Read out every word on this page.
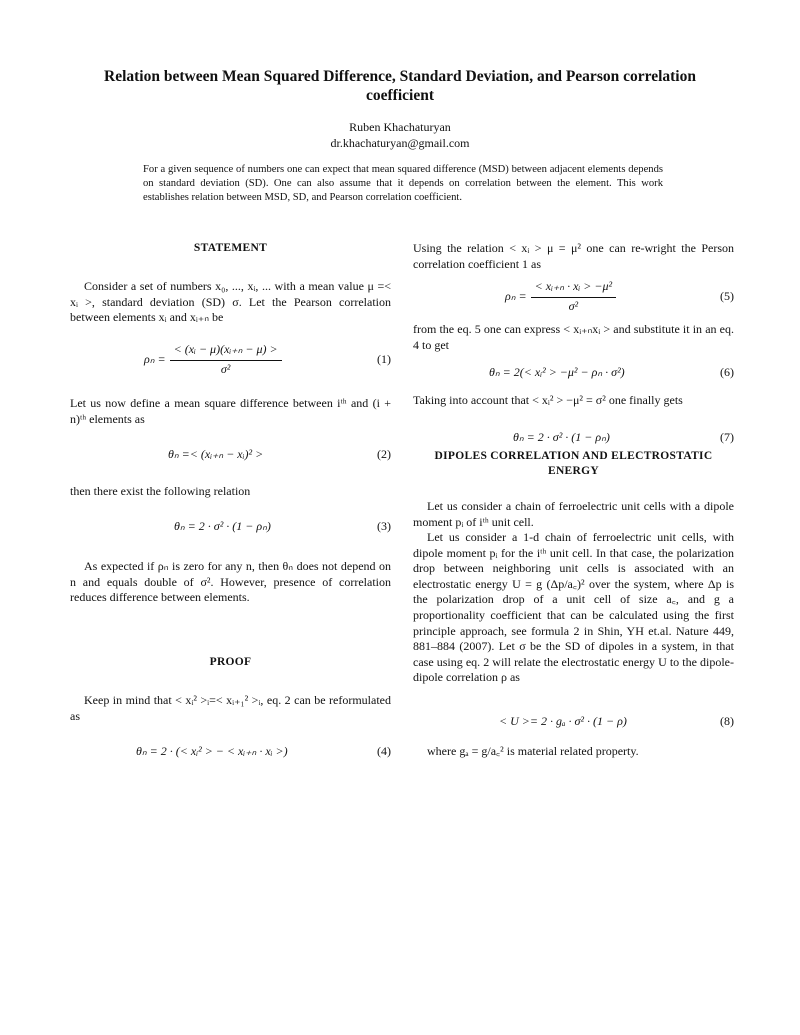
Relation between Mean Squared Difference, Standard Deviation, and Pearson correlation coefficient
Ruben Khachaturyan
dr.khachaturyan@gmail.com
For a given sequence of numbers one can expect that mean squared difference (MSD) between adjacent elements depends on standard deviation (SD). One can also assume that it depends on correlation between the element. This work establishes relation between MSD, SD, and Pearson correlation coefficient.
STATEMENT
Consider a set of numbers x₀, ..., xᵢ, ... with a mean value μ =< xᵢ >, standard deviation (SD) σ. Let the Pearson correlation between elements xᵢ and xᵢ₊ₙ be
$\rho_n = \frac{\text{< (xᵢ − μ)(xᵢ₊ₙ − μ) >}}{\text{σ²}}$	(1)
Let us now define a mean square difference between iᵗʰ and (i + n)ᵗʰ elements as
θₙ =< (xᵢ₊ₙ − xᵢ)² >	(2)
then there exist the following relation
θₙ = 2 · σ² · (1 − ρₙ)	(3)
As expected if ρₙ is zero for any n, then θₙ does not depend on n and equals double of σ². However, presence of correlation reduces difference between elements.
PROOF
Keep in mind that < xᵢ² >ᵢ=< xᵢ₊₁² >ᵢ, eq. 2 can be reformulated as
θₙ = 2 · (< xᵢ² > − < xᵢ₊ₙ · xᵢ >)	(4)
Using the relation < xᵢ > μ = μ² one can re-wright the Person correlation coefficient 1 as
$\rho_n = \frac{\text{< xᵢ₊ₙ · xᵢ > −μ²}}{\text{σ²}}$	(5)
from the eq. 5 one can express < xᵢ₊ₙxᵢ > and substitute it in an eq. 4 to get
θₙ = 2(< xᵢ² > −μ² − ρₙ · σ²)	(6)
Taking into account that < xᵢ² > −μ² = σ² one finally gets
θₙ = 2 · σ² · (1 − ρₙ)	(7)
DIPOLES CORRELATION AND ELECTROSTATIC ENERGY
Let us consider a chain of ferroelectric unit cells with a dipole moment pᵢ of iᵗʰ unit cell.
Let us consider a 1-d chain of ferroelectric unit cells, with dipole moment pᵢ for the iᵗʰ unit cell. In that case, the polarization drop between neighboring unit cells is associated with an electrostatic energy U = g (Δp/a꜀)² over the system, where Δp is the polarization drop of a unit cell of size a꜀, and g a proportionality coefficient that can be calculated using the first principle approach, see formula 2 in Shin, YH et.al. Nature 449, 881–884 (2007). Let σ be the SD of dipoles in a system, in that case using eq. 2 will relate the electrostatic energy U to the dipole-dipole correlation ρ as
< U >= 2 · gₐ · σ² · (1 − ρ)	(8)
where gₐ = g/a꜀² is material related property.
